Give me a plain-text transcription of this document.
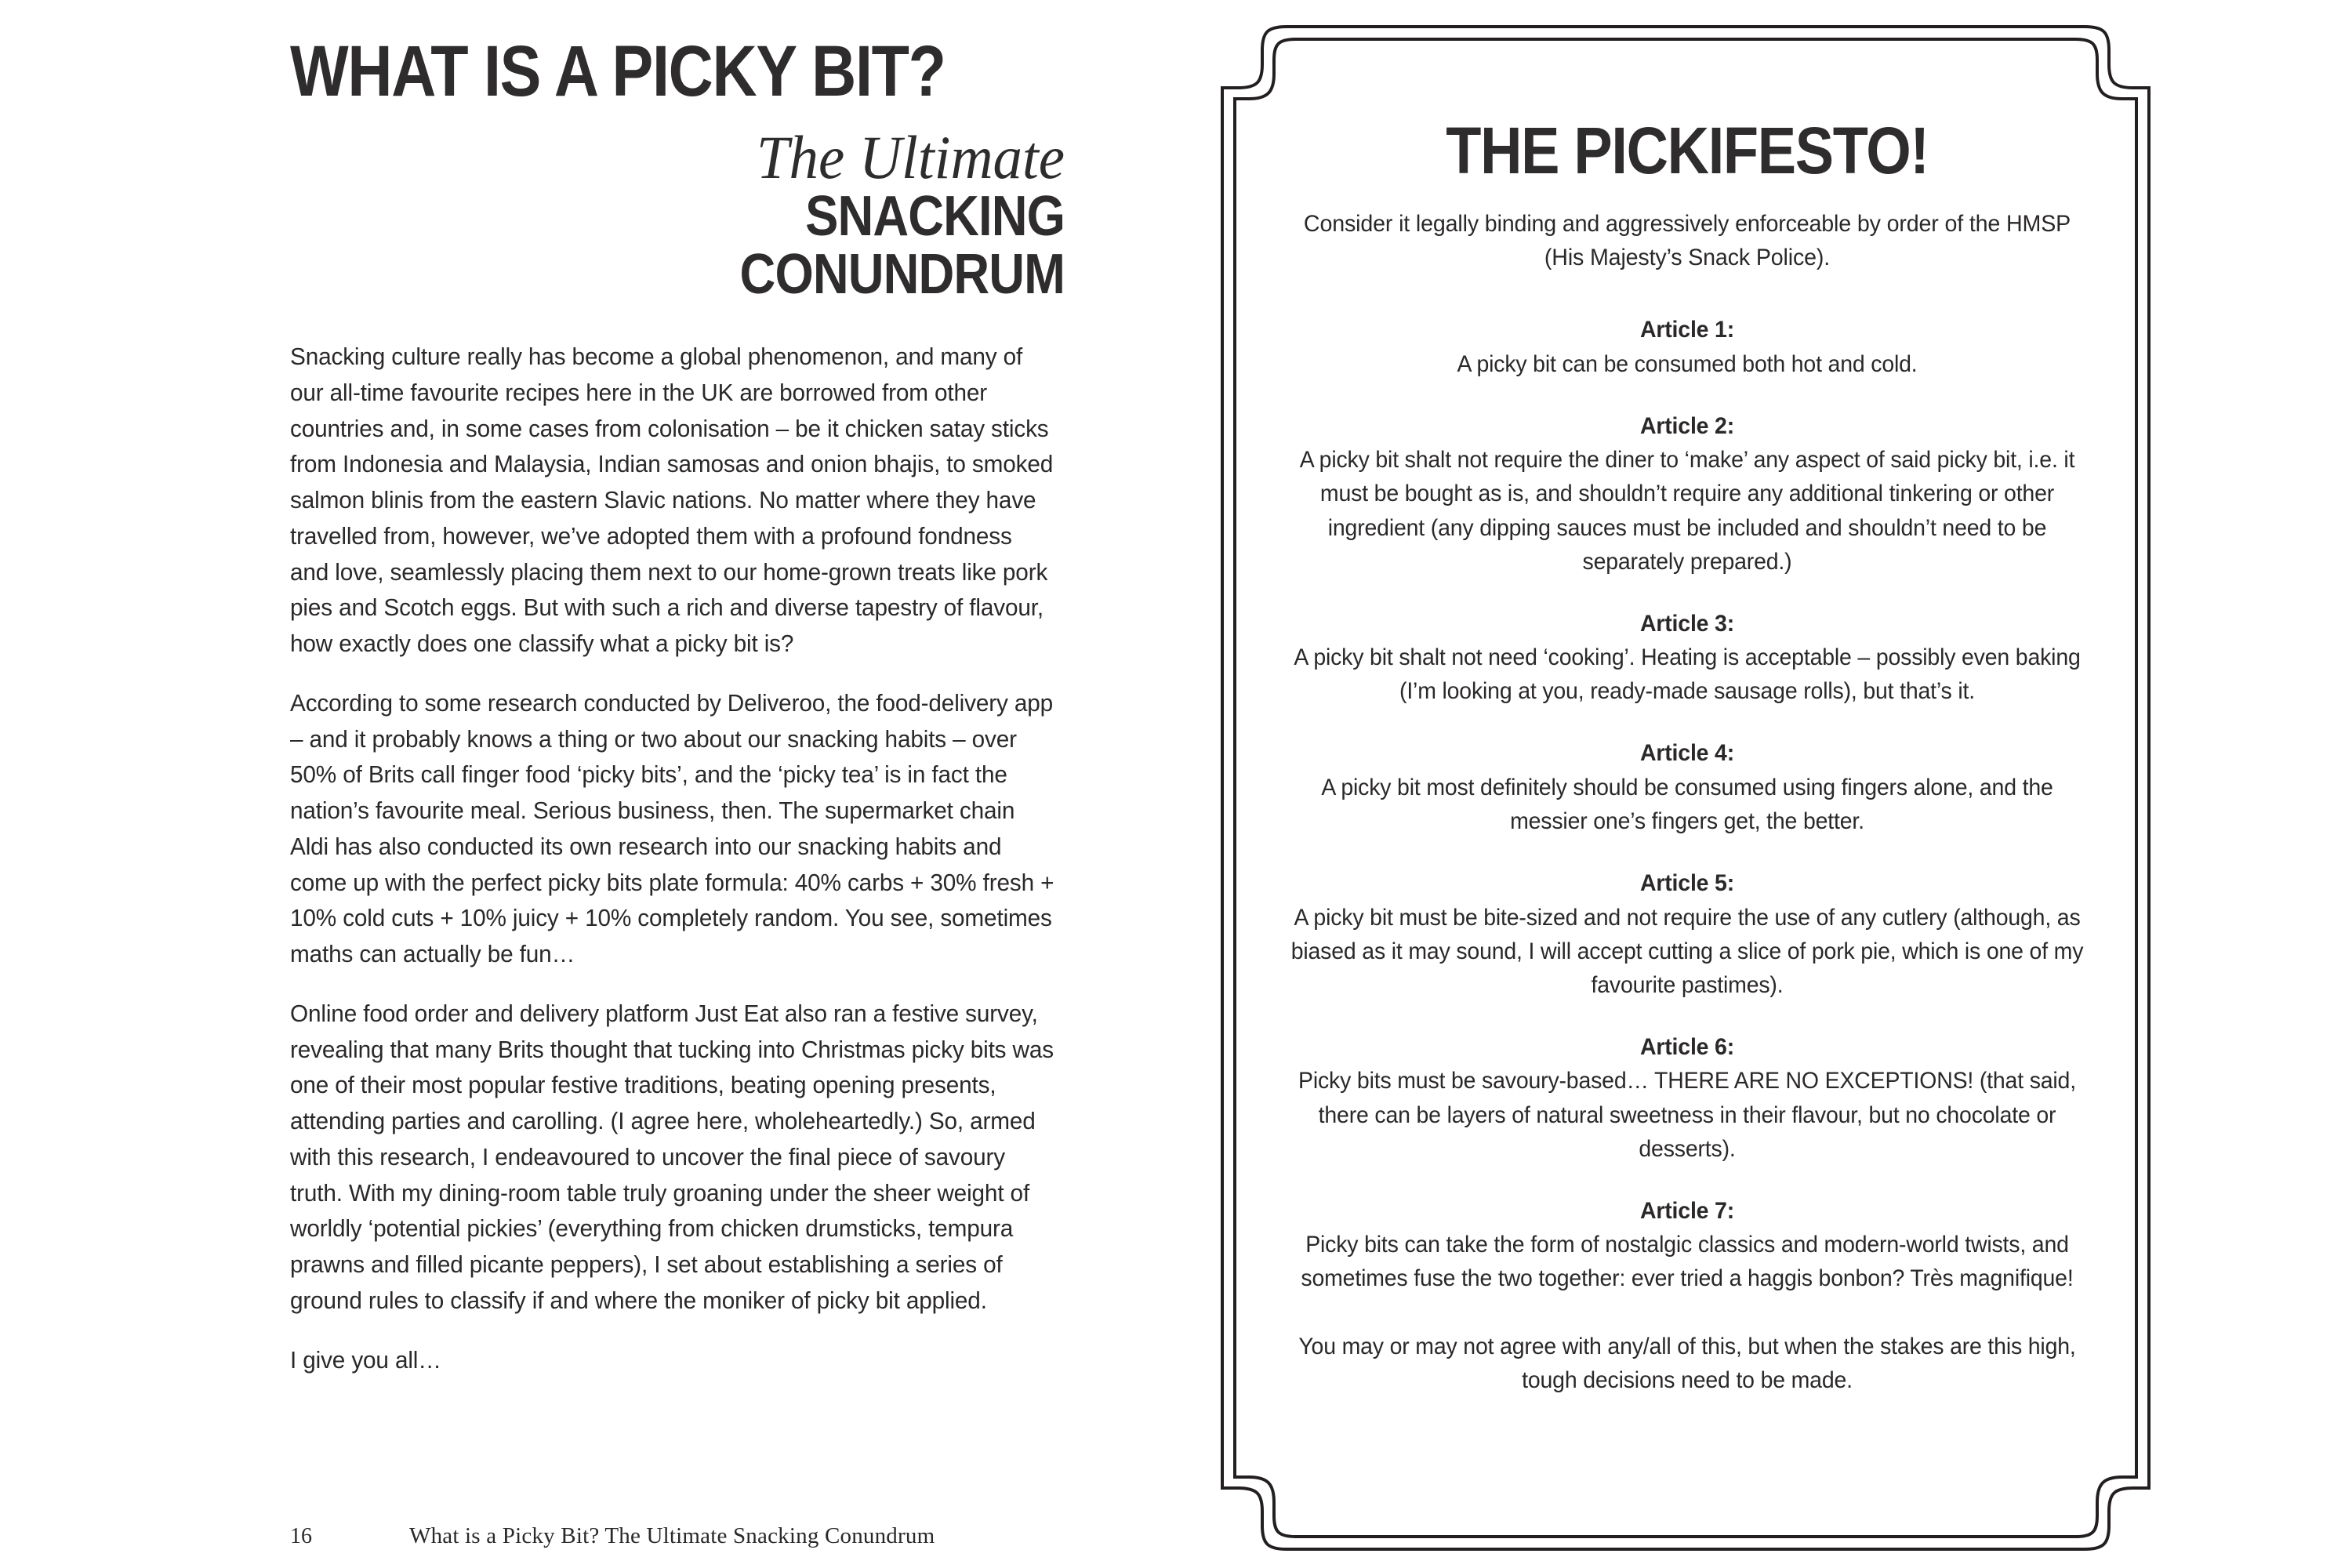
WHAT IS A PICKY BIT?
The Ultimate
SNACKING
CONUNDRUM

Snacking culture really has become a global phenomenon, and many of our all-time favourite recipes here in the UK are borrowed from other countries and, in some cases from colonisation – be it chicken satay sticks from Indonesia and Malaysia, Indian samosas and onion bhajis, to smoked salmon blinis from the eastern Slavic nations. No matter where they have travelled from, however, we’ve adopted them with a profound fondness and love, seamlessly placing them next to our home-grown treats like pork pies and Scotch eggs. But with such a rich and diverse tapestry of flavour, how exactly does one classify what a picky bit is?

According to some research conducted by Deliveroo, the food-delivery app – and it probably knows a thing or two about our snacking habits – over 50% of Brits call finger food ‘picky bits’, and the ‘picky tea’ is in fact the nation’s favourite meal. Serious business, then. The supermarket chain Aldi has also conducted its own research into our snacking habits and come up with the perfect picky bits plate formula: 40% carbs + 30% fresh + 10% cold cuts + 10% juicy + 10% completely random. You see, sometimes maths can actually be fun…

Online food order and delivery platform Just Eat also ran a festive survey, revealing that many Brits thought that tucking into Christmas picky bits was one of their most popular festive traditions, beating opening presents, attending parties and carolling. (I agree here, wholeheartedly.) So, armed with this research, I endeavoured to uncover the final piece of savoury truth. With my dining-room table truly groaning under the sheer weight of worldly ‘potential pickies’ (everything from chicken drumsticks, tempura prawns and filled picante peppers), I set about establishing a series of ground rules to classify if and where the moniker of picky bit applied.

I give you all…

16	What is a Picky Bit? The Ultimate Snacking Conundrum
THE PICKIFESTO!
Consider it legally binding and aggressively enforceable by order of the HMSP (His Majesty’s Snack Police).
Article 1:
A picky bit can be consumed both hot and cold.
Article 2:
A picky bit shalt not require the diner to ‘make’ any aspect of said picky bit, i.e. it must be bought as is, and shouldn’t require any additional tinkering or other ingredient (any dipping sauces must be included and shouldn’t need to be separately prepared.)
Article 3:
A picky bit shalt not need ‘cooking’. Heating is acceptable – possibly even baking (I’m looking at you, ready-made sausage rolls), but that’s it.
Article 4:
A picky bit most definitely should be consumed using fingers alone, and the messier one’s fingers get, the better.
Article 5:
A picky bit must be bite-sized and not require the use of any cutlery (although, as biased as it may sound, I will accept cutting a slice of pork pie, which is one of my favourite pastimes).
Article 6:
Picky bits must be savoury-based… THERE ARE NO EXCEPTIONS! (that said, there can be layers of natural sweetness in their flavour, but no chocolate or desserts).
Article 7:
Picky bits can take the form of nostalgic classics and modern-world twists, and sometimes fuse the two together: ever tried a haggis bonbon? Très magnifique!
You may or may not agree with any/all of this, but when the stakes are this high, tough decisions need to be made.
